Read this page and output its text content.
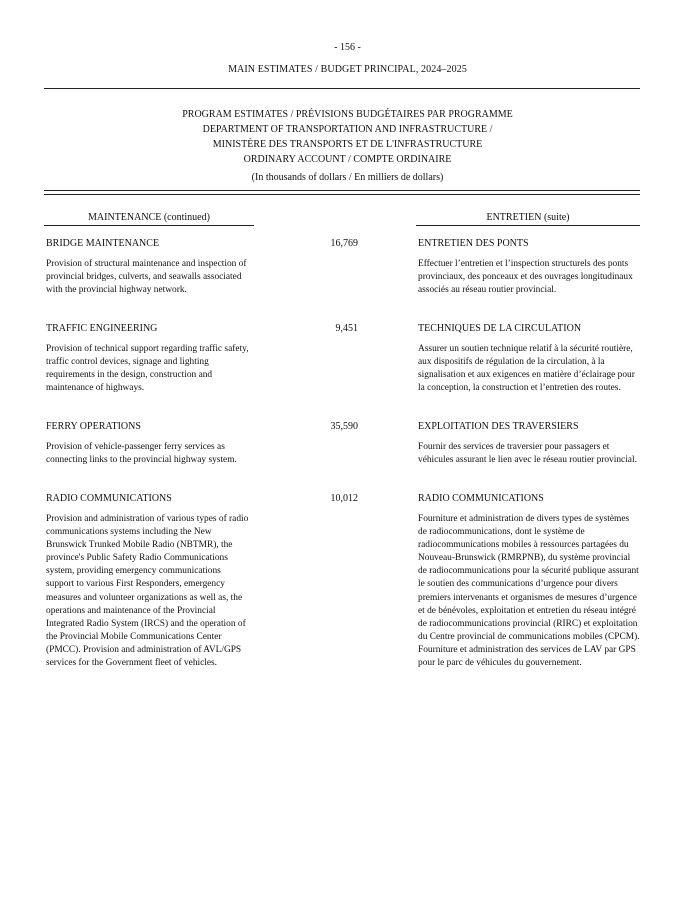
- 156 -
MAIN ESTIMATES / BUDGET PRINCIPAL, 2024–2025
PROGRAM ESTIMATES / PRÉVISIONS BUDGÉTAIRES PAR PROGRAMME
DEPARTMENT OF TRANSPORTATION AND INFRASTRUCTURE /
MINISTÈRE DES TRANSPORTS ET DE L'INFRASTRUCTURE
ORDINARY ACCOUNT / COMPTE ORDINAIRE
(In thousands of dollars / En milliers de dollars)
MAINTENANCE (continued)	ENTRETIEN (suite)
BRIDGE MAINTENANCE	16,769	ENTRETIEN DES PONTS
Provision of structural maintenance and inspection of provincial bridges, culverts, and seawalls associated with the provincial highway network.
Effectuer l’entretien et l’inspection structurels des ponts provinciaux, des ponceaux et des ouvrages longitudinaux associés au réseau routier provincial.
TRAFFIC ENGINEERING	9,451	TECHNIQUES DE LA CIRCULATION
Provision of technical support regarding traffic safety, traffic control devices, signage and lighting requirements in the design, construction and maintenance of highways.
Assurer un soutien technique relatif à la sécurité routière, aux dispositifs de régulation de la circulation, à la signalisation et aux exigences en matière d’éclairage pour la conception, la construction et l’entretien des routes.
FERRY OPERATIONS	35,590	EXPLOITATION DES TRAVERSIERS
Provision of vehicle-passenger ferry services as connecting links to the provincial highway system.
Fournir des services de traversier pour passagers et véhicules assurant le lien avec le réseau routier provincial.
RADIO COMMUNICATIONS	10,012	RADIO COMMUNICATIONS
Provision and administration of various types of radio communications systems including the New Brunswick Trunked Mobile Radio (NBTMR), the province's Public Safety Radio Communications system, providing emergency communications support to various First Responders, emergency measures and volunteer organizations as well as, the operations and maintenance of the Provincial Integrated Radio System (IRCS) and the operation of the Provincial Mobile Communications Center (PMCC). Provision and administration of AVL/GPS services for the Government fleet of vehicles.
Fourniture et administration de divers types de systèmes de radiocommunications, dont le système de radiocommunications mobiles à ressources partagées du Nouveau-Brunswick (RMRPNB), du système provincial de radiocommunications pour la sécurité publique assurant le soutien des communications d’urgence pour divers premiers intervenants et organismes de mesures d’urgence et de bénévoles, exploitation et entretien du réseau intégré de radiocommunications provincial (RIRC) et exploitation du Centre provincial de communications mobiles (CPCM). Fourniture et administration des services de LAV par GPS pour le parc de véhicules du gouvernement.
